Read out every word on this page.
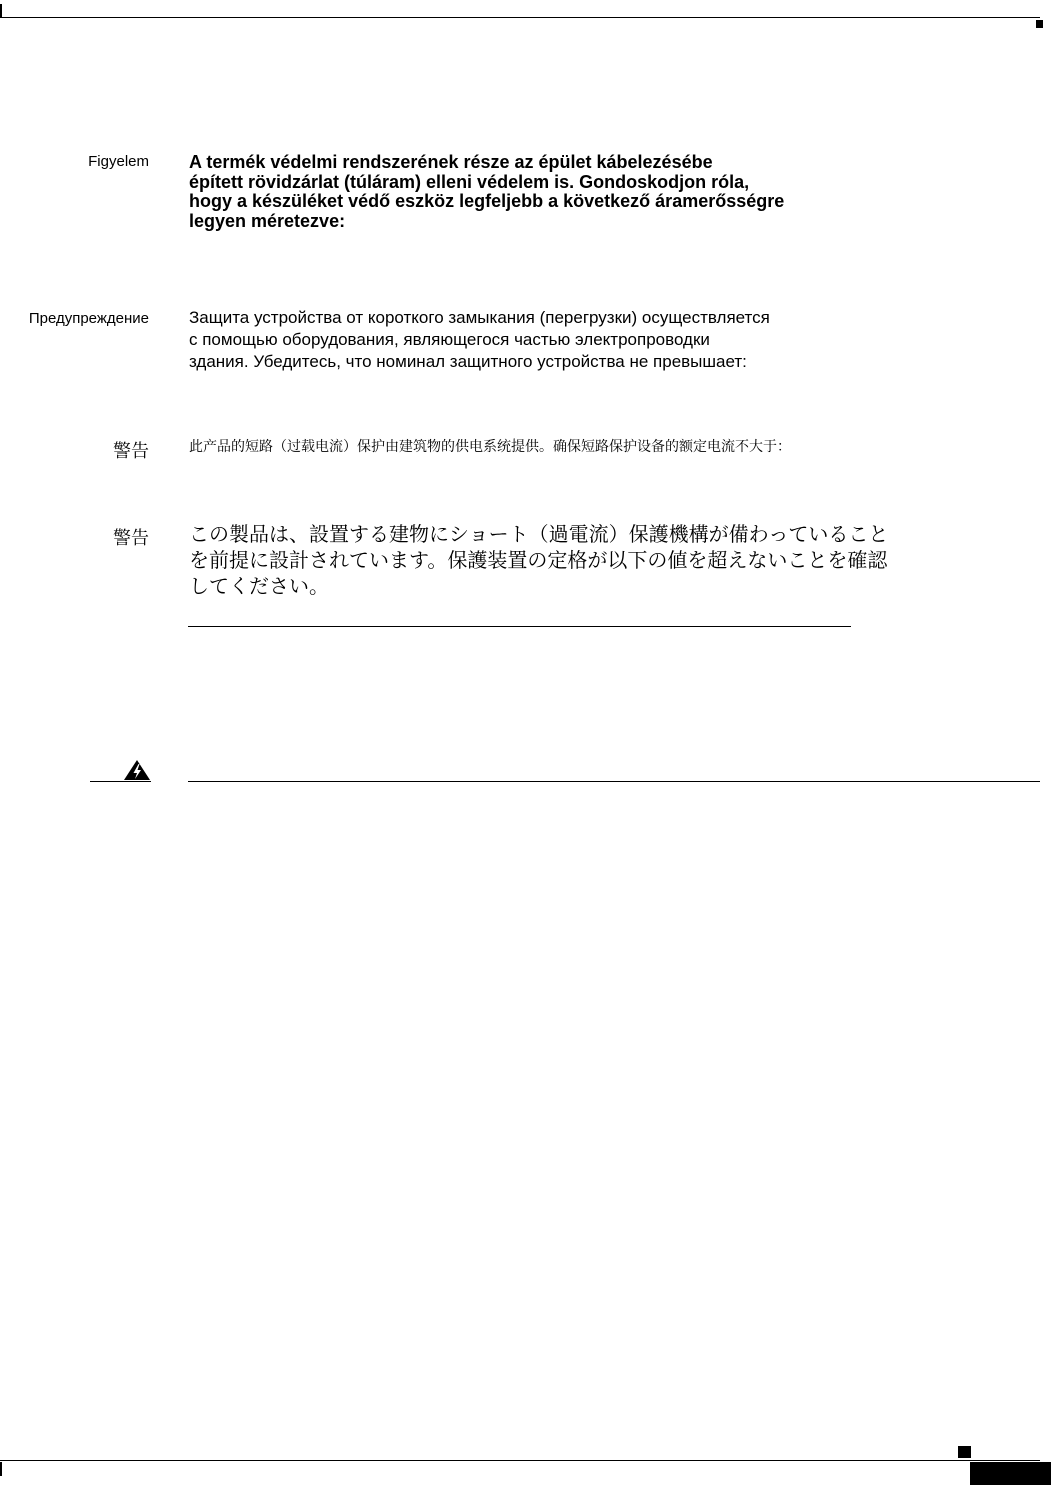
Figyelem A termék védelmi rendszerének része az épület kábelezésébe
épített rövidzárlat (túláram) elleni védelem is. Gondoskodjon róla,
hogy a készüléket védő eszköz legfeljebb a következő áramerősségre
legyen méretezve:
Предупреждение Защита устройства от короткого замыкания (перегрузки) осуществляется
с помощью оборудования, являющегося частью электропроводки
здания. Убедитесь, что номинал защитного устройства не превышает:
警告	此产品的短路（过载电流）保护由建筑物的供电系统提供。确保短路保护设备的额定电流不大于：
警告 この製品は、設置する建物にショート（過電流）保護機構が備わっていること
を前提に設計されています。保護装置の定格が以下の値を超えないことを確認
してください。
